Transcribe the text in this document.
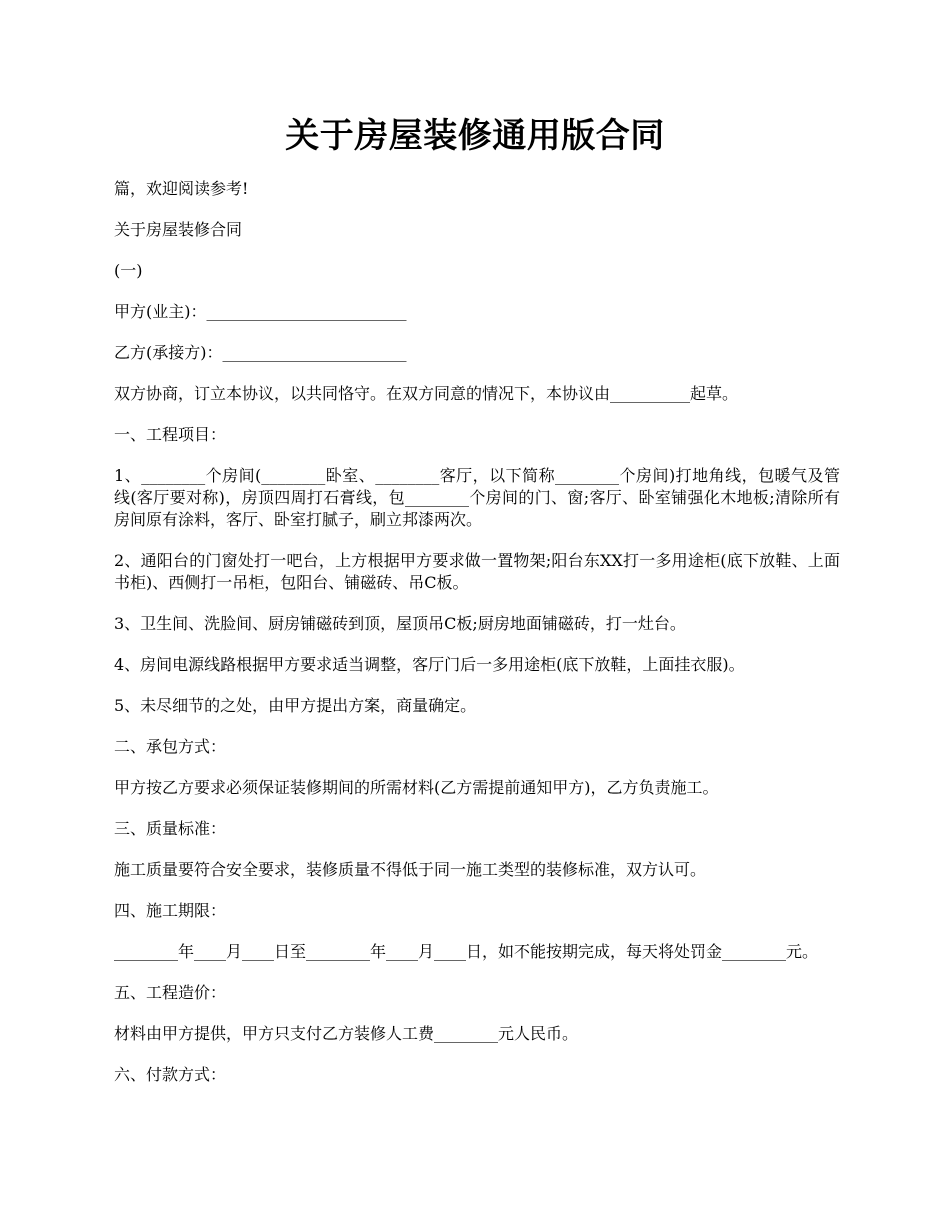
关于房屋装修通用版合同

篇，欢迎阅读参考!

关于房屋装修合同

(一)

甲方(业主)：_________________________

乙方(承接方)：_______________________

双方协商，订立本协议，以共同恪守。在双方同意的情况下，本协议由__________起草。

一、工程项目：

1、________个房间(________卧室、________客厅，以下简称________个房间)打地角线，包暖气及管线(客厅要对称)，房顶四周打石膏线，包________个房间的门、窗;客厅、卧室铺强化木地板;清除所有房间原有涂料，客厅、卧室打腻子，刷立邦漆两次。

2、通阳台的门窗处打一吧台，上方根据甲方要求做一置物架;阳台东XX打一多用途柜(底下放鞋、上面书柜)、西侧打一吊柜，包阳台、铺磁砖、吊C板。

3、卫生间、洗脸间、厨房铺磁砖到顶，屋顶吊C板;厨房地面铺磁砖，打一灶台。

4、房间电源线路根据甲方要求适当调整，客厅门后一多用途柜(底下放鞋，上面挂衣服)。

5、未尽细节的之处，由甲方提出方案，商量确定。

二、承包方式：

甲方按乙方要求必须保证装修期间的所需材料(乙方需提前通知甲方)，乙方负责施工。

三、质量标准：

施工质量要符合安全要求，装修质量不得低于同一施工类型的装修标准，双方认可。

四、施工期限：

________年____月____日至________年____月____日，如不能按期完成，每天将处罚金________元。

五、工程造价：

材料由甲方提供，甲方只支付乙方装修人工费________元人民币。

六、付款方式：
